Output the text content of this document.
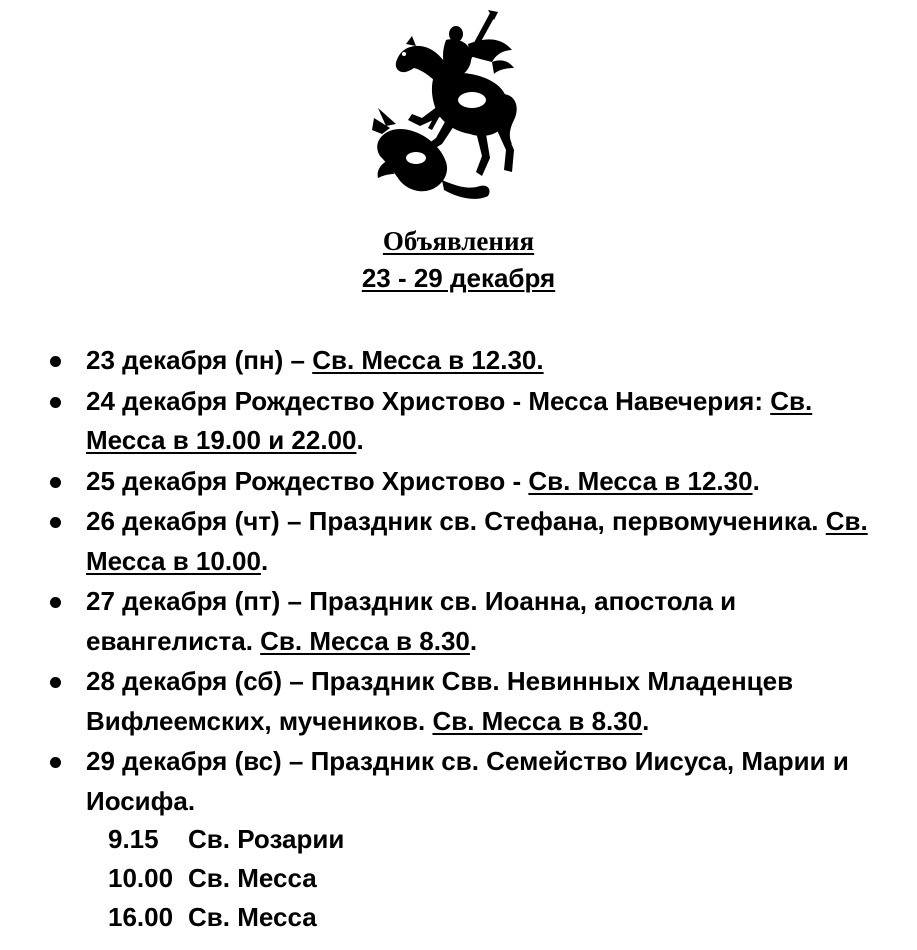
Объявления
23 - 29 декабря
23 декабря (пн) – Св. Месса в 12.30.
24 декабря Рождество Христово - Месса Навечерия: Св. Месса в 19.00 и 22.00.
25 декабря Рождество Христово - Св. Месса в 12.30.
26 декабря (чт) – Праздник св. Стефана, первомученика. Св. Месса в 10.00.
27 декабря (пт) – Праздник св. Иоанна, апостола и евангелиста. Св. Месса в 8.30.
28 декабря (сб) – Праздник Свв. Невинных Младенцев Вифлеемских, мучеников. Св. Месса в 8.30.
29 декабря (вс) – Праздник св. Семейство Иисуса, Марии и Иосифа.
9.15 Св. Розарии
10.00 Св. Месса
16.00 Св. Месса
